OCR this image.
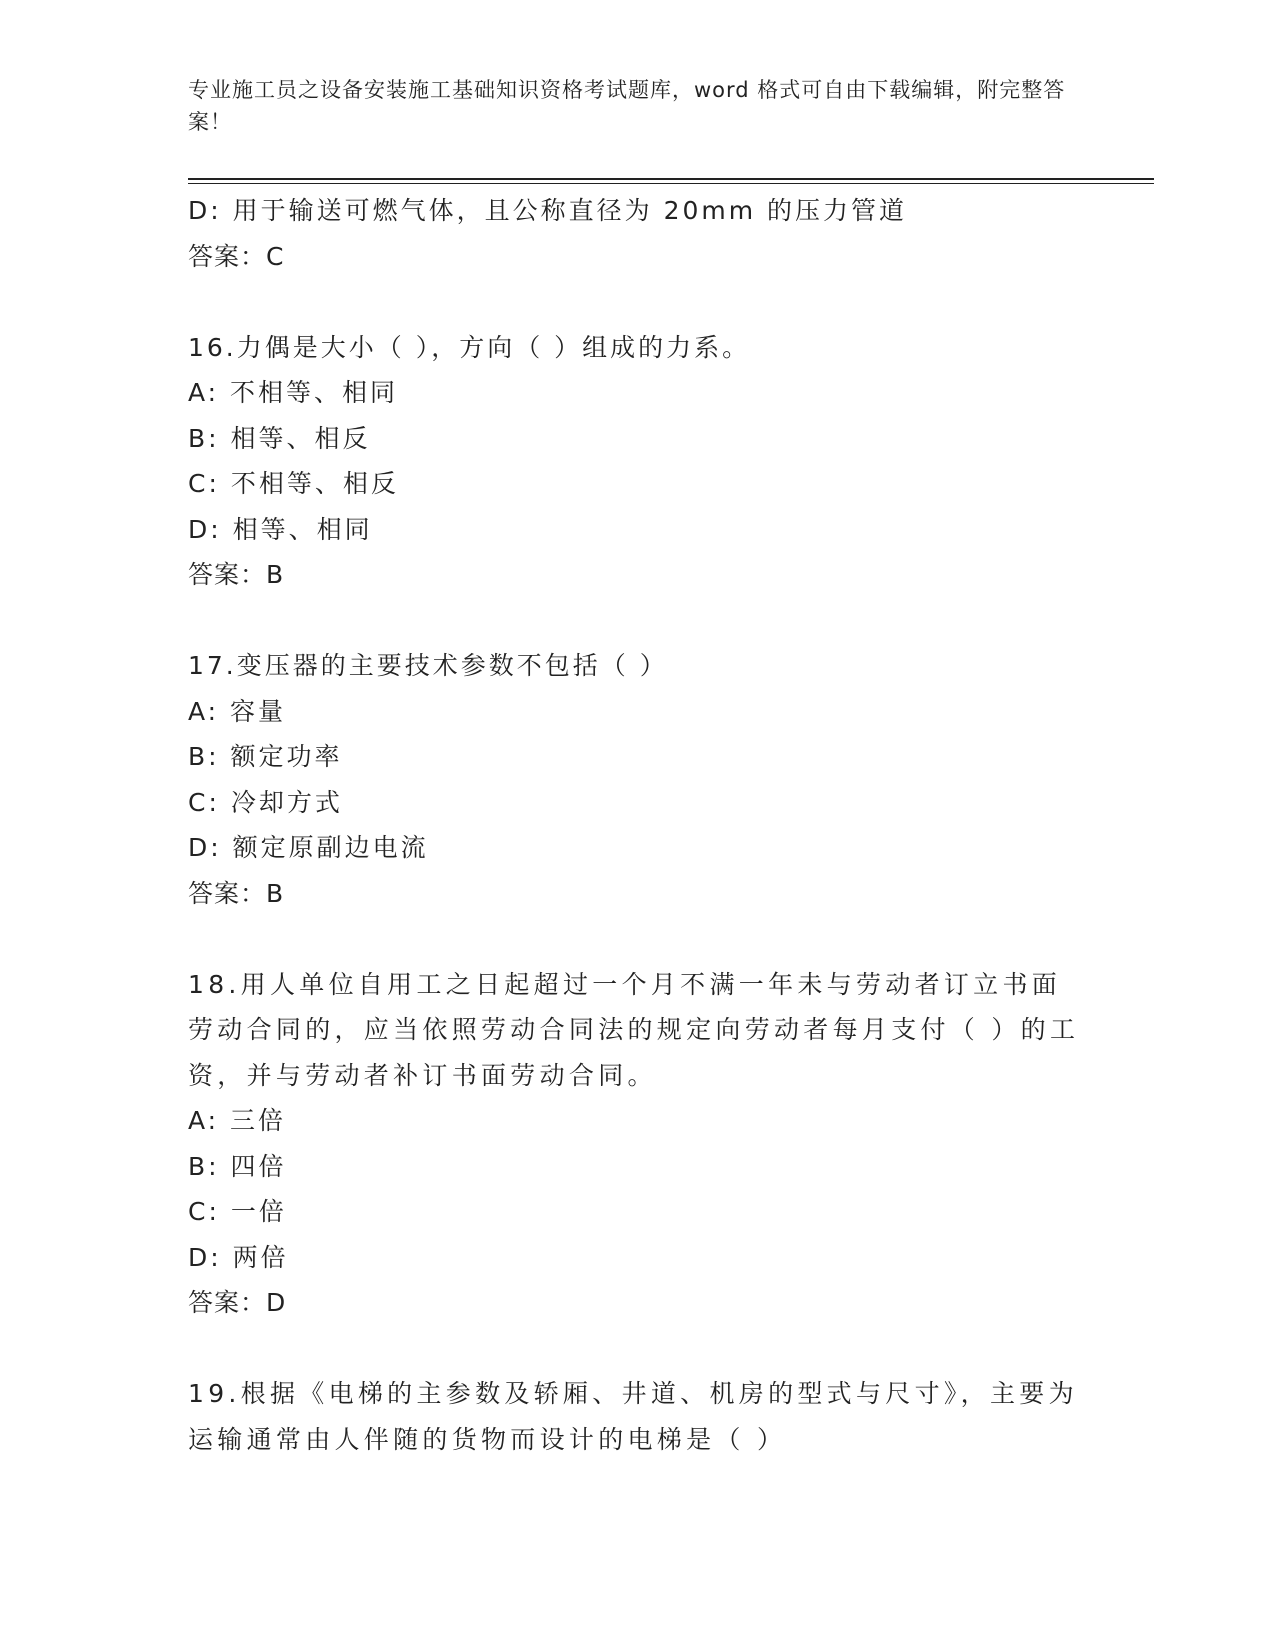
专业施工员之设备安装施工基础知识资格考试题库，word 格式可自由下载编辑，附完整答案！
D: 用于输送可燃气体，且公称直径为 20mm 的压力管道
答案：C
16.力偶是大小（ ），方向（ ）组成的力系。
A: 不相等、相同
B: 相等、相反
C: 不相等、相反
D: 相等、相同
答案：B
17.变压器的主要技术参数不包括（ ）
A: 容量
B: 额定功率
C: 冷却方式
D: 额定原副边电流
答案：B
18.用人单位自用工之日起超过一个月不满一年未与劳动者订立书面劳动合同的，应当依照劳动合同法的规定向劳动者每月支付（ ）的工资，并与劳动者补订书面劳动合同。
A: 三倍
B: 四倍
C: 一倍
D: 两倍
答案：D
19.根据《电梯的主参数及轿厢、井道、机房的型式与尺寸》，主要为运输通常由人伴随的货物而设计的电梯是（ ）
